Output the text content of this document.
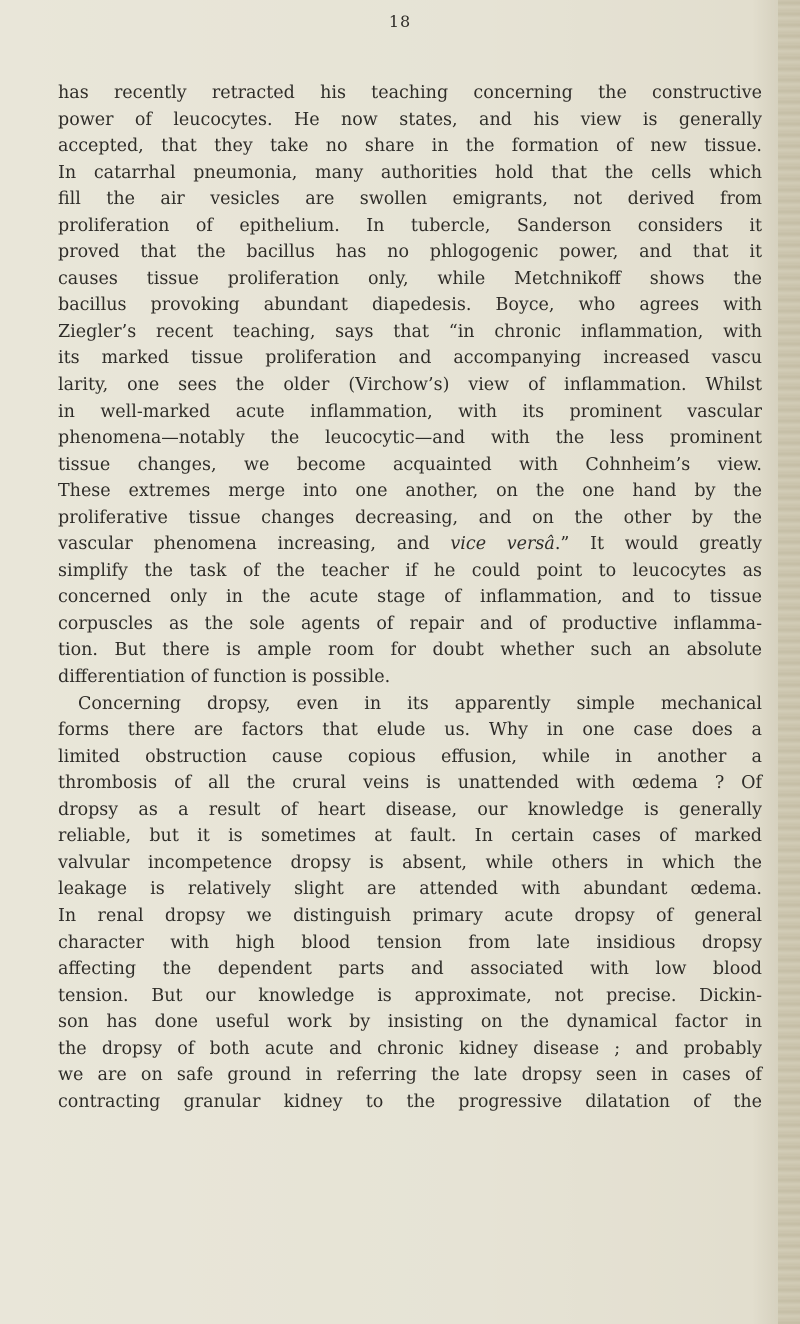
18
has recently retracted his teaching concerning the constructive
power of leucocytes. He now states, and his view is generally
accepted, that they take no share in the formation of new tissue.
In catarrhal pneumonia, many authorities hold that the cells which
fill the air vesicles are swollen emigrants, not derived from
proliferation of epithelium. In tubercle, Sanderson considers it
proved that the bacillus has no phlogogenic power, and that it
causes tissue proliferation only, while Metchnikoff shows the
bacillus provoking abundant diapedesis. Boyce, who agrees with
Ziegler’s recent teaching, says that “in chronic inflammation, with
its marked tissue proliferation and accompanying increased vascu
larity, one sees the older (Virchow’s) view of inflammation. Whilst
in well-marked acute inflammation, with its prominent vascular
phenomena—notably the leucocytic—and with the less prominent
tissue changes, we become acquainted with Cohnheim’s view.
These extremes merge into one another, on the one hand by the
proliferative tissue changes decreasing, and on the other by the
vascular phenomena increasing, and vice versâ.” It would greatly
simplify the task of the teacher if he could point to leucocytes as
concerned only in the acute stage of inflammation, and to tissue
corpuscles as the sole agents of repair and of productive inflamma-
tion. But there is ample room for doubt whether such an absolute
differentiation of function is possible.
Concerning dropsy, even in its apparently simple mechanical
forms there are factors that elude us. Why in one case does a
limited obstruction cause copious effusion, while in another a
thrombosis of all the crural veins is unattended with œdema ? Of
dropsy as a result of heart disease, our knowledge is generally
reliable, but it is sometimes at fault. In certain cases of marked
valvular incompetence dropsy is absent, while others in which the
leakage is relatively slight are attended with abundant œdema.
In renal dropsy we distinguish primary acute dropsy of general
character with high blood tension from late insidious dropsy
affecting the dependent parts and associated with low blood
tension. But our knowledge is approximate, not precise. Dickin-
son has done useful work by insisting on the dynamical factor in
the dropsy of both acute and chronic kidney disease ; and probably
we are on safe ground in referring the late dropsy seen in cases of
contracting granular kidney to the progressive dilatation of the
